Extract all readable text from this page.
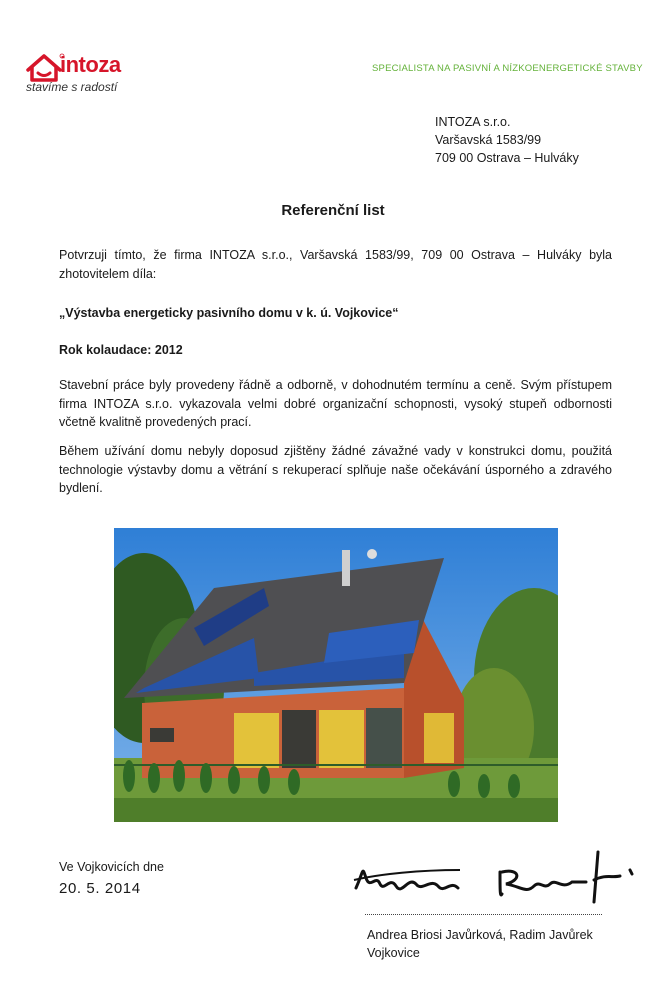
intoza
stavíme s radostí
SPECIALISTA NA PASIVNÍ A NÍZKOENERGETICKÉ STAVBY
INTOZA s.r.o.
Varšavská 1583/99
709 00 Ostrava – Hulváky
Referenční list
Potvrzuji tímto, že firma INTOZA s.r.o., Varšavská 1583/99, 709 00 Ostrava – Hulváky byla zhotovitelem díla:
„Výstavba energeticky pasivního domu v k. ú. Vojkovice“
Rok kolaudace: 2012
Stavební práce byly provedeny řádně a odborně, v dohodnutém termínu a ceně. Svým přístupem firma INTOZA s.r.o. vykazovala velmi dobré organizační schopnosti, vysoký stupeň odbornosti včetně kvalitně provedených prací.
Během užívání domu nebyly doposud zjištěny žádné závažné vady v konstrukci domu, použitá technologie výstavby domu a větrání s rekuperací splňuje naše očekávání úsporného a zdravého bydlení.
Ve Vojkovicích dne
20. 5. 2014
Andrea Briosi Javůrková, Radim Javůrek
Vojkovice
